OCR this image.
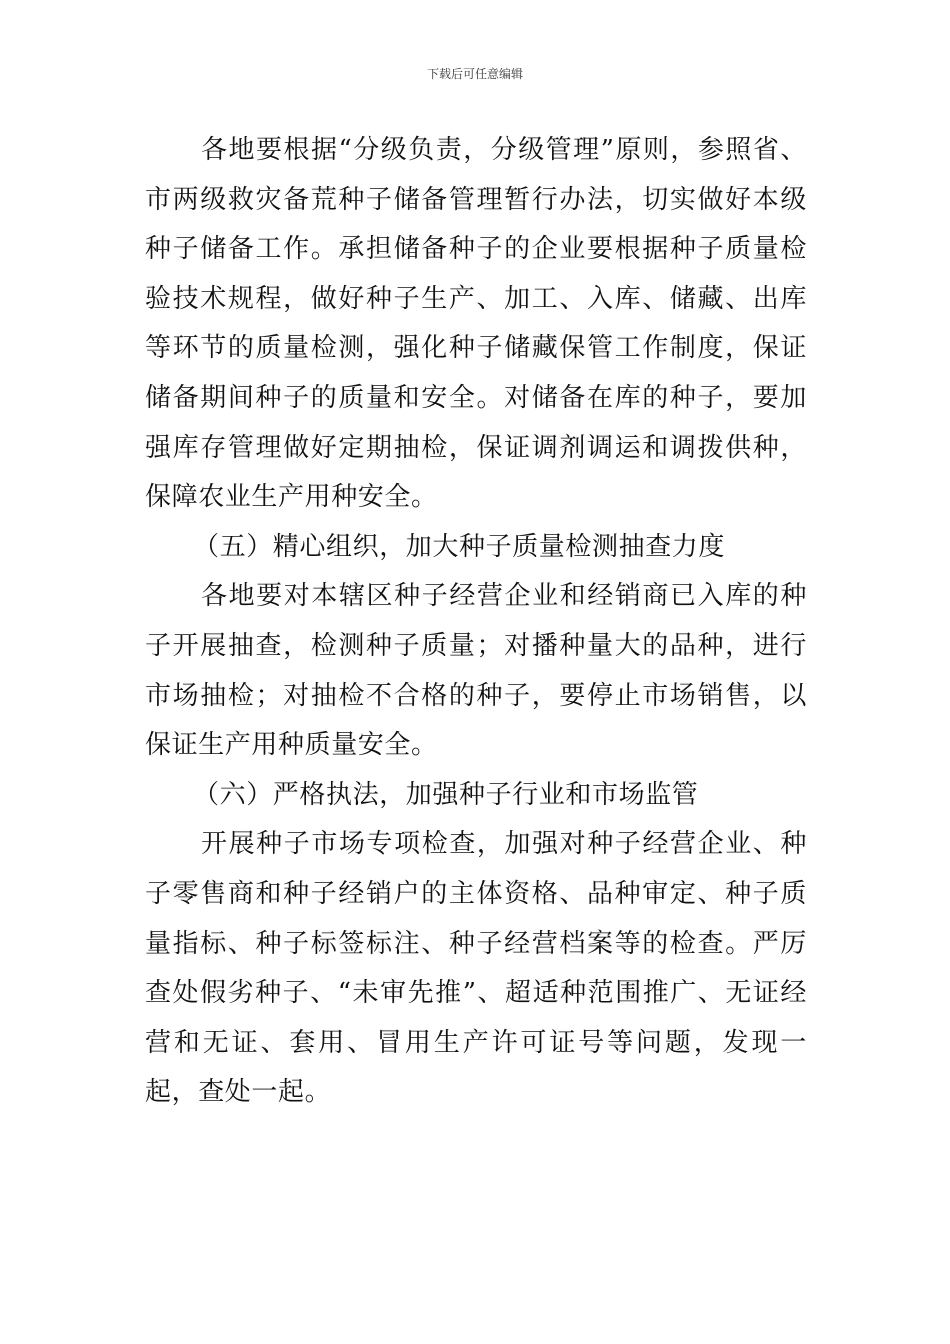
下载后可任意编辑

各地要根据“分级负责，分级管理”原则，参照省、市两级救灾备荒种子储备管理暂行办法，切实做好本级种子储备工作。承担储备种子的企业要根据种子质量检验技术规程，做好种子生产、加工、入库、储藏、出库等环节的质量检测，强化种子储藏保管工作制度，保证储备期间种子的质量和安全。对储备在库的种子，要加强库存管理做好定期抽检，保证调剂调运和调拨供种，保障农业生产用种安全。

（五）精心组织，加大种子质量检测抽查力度

各地要对本辖区种子经营企业和经销商已入库的种子开展抽查，检测种子质量；对播种量大的品种，进行市场抽检；对抽检不合格的种子，要停止市场销售，以保证生产用种质量安全。

（六）严格执法，加强种子行业和市场监管

开展种子市场专项检查，加强对种子经营企业、种子零售商和种子经销户的主体资格、品种审定、种子质量指标、种子标签标注、种子经营档案等的检查。严厉查处假劣种子、“未审先推”、超适种范围推广、无证经营和无证、套用、冒用生产许可证号等问题，发现一起，查处一起。
